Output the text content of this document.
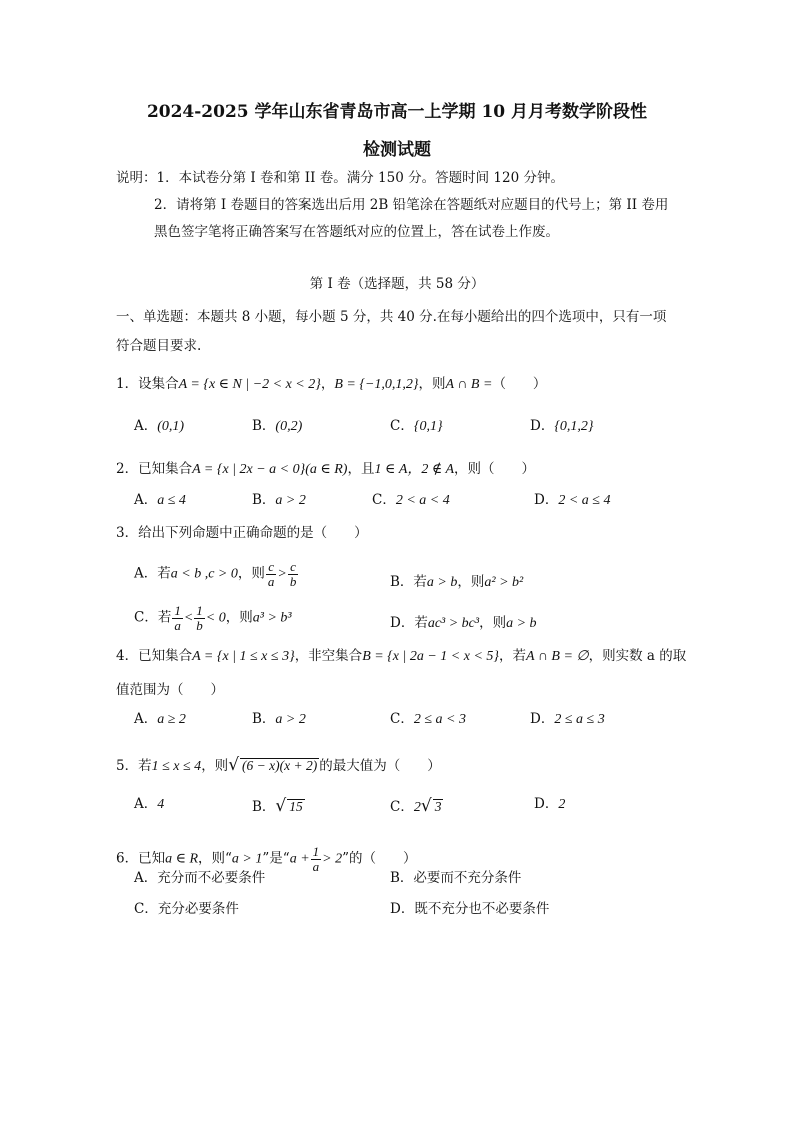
2024-2025 学年山东省青岛市高一上学期 10 月月考数学阶段性
检测试题
说明：1．本试卷分第 I 卷和第 II 卷。满分 150 分。答题时间 120 分钟。
2．请将第 I 卷题目的答案选出后用 2B 铅笔涂在答题纸对应题目的代号上；第 II 卷用
黑色签字笔将正确答案写在答题纸对应的位置上，答在试卷上作废。
第 I 卷（选择题，共 58 分）
一、单选题：本题共 8 小题，每小题 5 分，共 40 分.在每小题给出的四个选项中，只有一项
符合题目要求.
1．设集合A = {x ∈ N | −2 < x < 2}，B = {−1,0,1,2}，则A ∩ B =（　　）
A．(0,1)	B．(0,2)	C．{0,1}	D．{0,1,2}
2．已知集合A = {x | 2x − a < 0}(a ∈ R)，且1 ∈ A，2 ∉ A，则（　　）
A．a ≤ 4	B．a > 2	C．2 < a < 4	D．2 < a ≤ 4
3．给出下列命题中正确命题的是（　　）
A．若a < b ,c > 0，则 $\frac{c}{a} > \frac{c}{b}$	B．若a > b，则a² > b²
C．若 $\frac{1}{a} < \frac{1}{b} < 0$，则a³ > b³	D．若ac³ > bc³，则a > b
4．已知集合A = {x | 1 ≤ x ≤ 3}，非空集合B = {x | 2a − 1 < x < 5}，若A ∩ B = ∅，则实数 a 的取
值范围为（　　）
A．a ≥ 2	B．a > 2	C．2 ≤ a < 3	D．2 ≤ a ≤ 3
5．若1 ≤ x ≤ 4，则√ (6 − x)(x + 2) 的最大值为（　　）
A．4	B．√ 15	C．2√ 3	D．2
6．已知a ∈ R，则“a > 1”是“$a + \frac{1}{a} > 2$”的（　　）
A．充分而不必要条件	B．必要而不充分条件
C．充分必要条件	D．既不充分也不必要条件
